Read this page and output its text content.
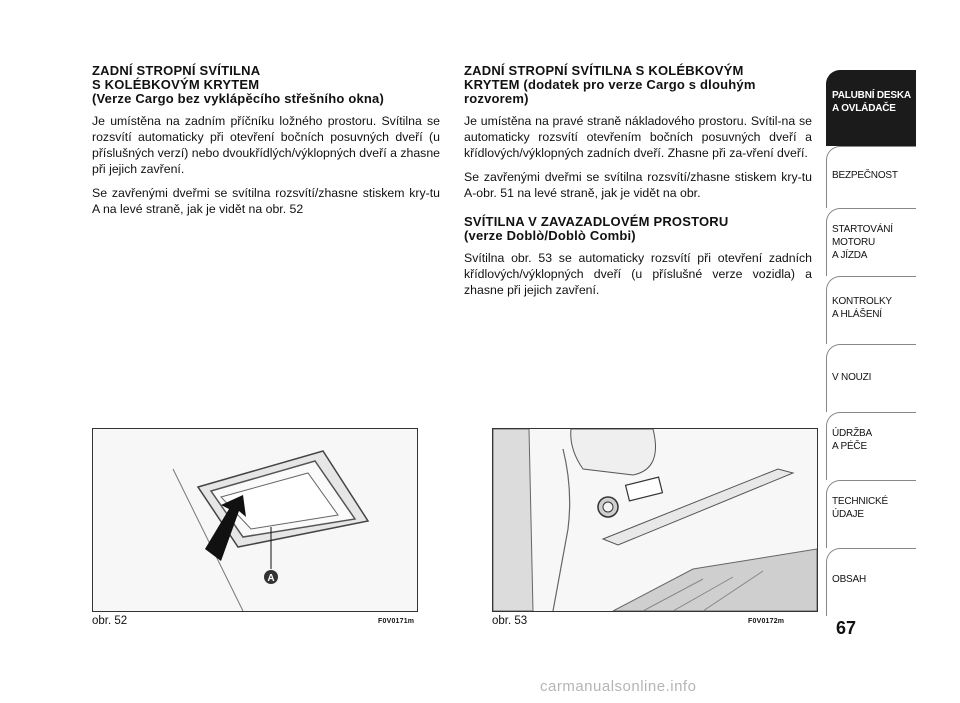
ZADNÍ STROPNÍ SVÍTILNA
S KOLÉBKOVÝM KRYTEM
(Verze Cargo bez vyklápěcího střešního okna)

Je umístěna na zadním příčníku ložného prostoru. Svítilna se rozsvítí automaticky při otevření bočních posuvných dveří (u příslušných verzí) nebo dvoukřídlých/výklopných dveří a zhasne při jejich zavření.

Se zavřenými dveřmi se svítilna rozsvítí/zhasne stiskem kry-tu A na levé straně, jak je vidět na obr. 52

ZADNÍ STROPNÍ SVÍTILNA S KOLÉBKOVÝM
KRYTEM (dodatek pro verze Cargo s dlouhým
rozvorem)

Je umístěna na pravé straně nákladového prostoru. Svítil-na se automaticky rozsvítí otevřením bočních posuvných dveří a křídlových/výklopných zadních dveří. Zhasne při za-vření dveří.

Se zavřenými dveřmi se svítilna rozsvítí/zhasne stiskem kry-tu A-obr. 51 na levé straně, jak je vidět na obr.

SVÍTILNA V ZAVAZADLOVÉM PROSTORU
(verze Doblò/Doblò Combi)

Svítilna obr. 53 se automaticky rozsvítí při otevření zadních křídlových/výklopných dveří (u příslušné verze vozidla) a zhasne při jejich zavření.

A
obr. 52	F0V0171m	obr. 53	F0V0172m
PALUBNÍ DESKA
A OVLÁDAČE
BEZPEČNOST
STARTOVÁNÍ
MOTORU
A JÍZDA
KONTROLKY
A HLÁŠENÍ
V NOUZI
ÚDRŽBA
A PÉČE
TECHNICKÉ
ÚDAJE
OBSAH
67
carmanualsonline.info
